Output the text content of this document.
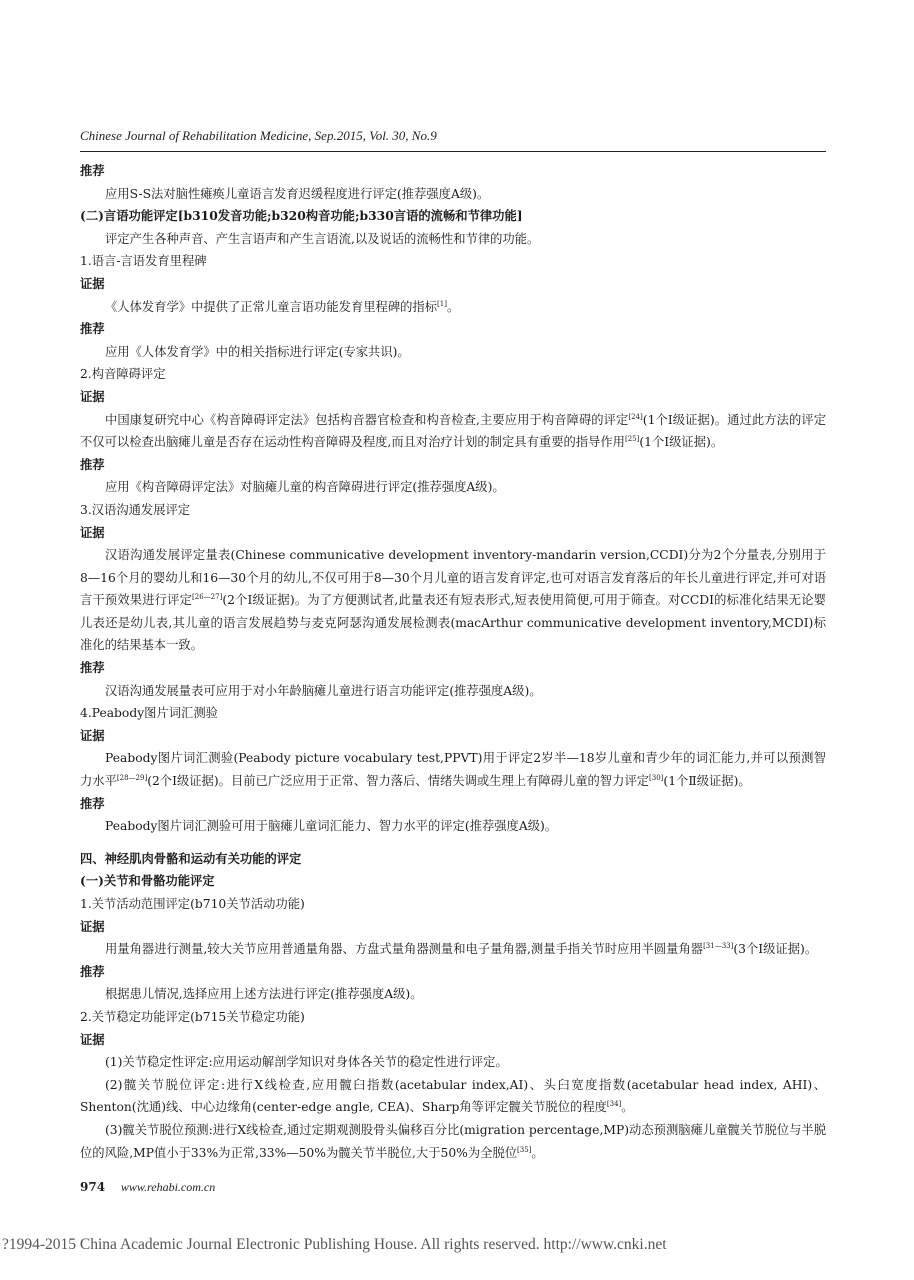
Chinese Journal of Rehabilitation Medicine, Sep.2015, Vol. 30, No.9

推荐

应用S-S法对脑性瘫痪儿童语言发育迟缓程度进行评定(推荐强度A级)。

(二)言语功能评定[b310发音功能;b320构音功能;b330言语的流畅和节律功能]

评定产生各种声音、产生言语声和产生言语流,以及说话的流畅性和节律的功能。

1.语言-言语发育里程碑

证据

《人体发育学》中提供了正常儿童言语功能发育里程碑的指标[1]。

推荐

应用《人体发育学》中的相关指标进行评定(专家共识)。

2.构音障碍评定

证据

中国康复研究中心《构音障碍评定法》包括构音器官检查和构音检查,主要应用于构音障碍的评定[24](1个Ⅰ级证据)。通过此方法的评定不仅可以检查出脑瘫儿童是否存在运动性构音障碍及程度,而且对治疗计划的制定具有重要的指导作用[25](1个Ⅰ级证据)。

推荐

应用《构音障碍评定法》对脑瘫儿童的构音障碍进行评定(推荐强度A级)。

3.汉语沟通发展评定

证据

汉语沟通发展评定量表(Chinese communicative development inventory-mandarin version,CCDI)分为2个分量表,分别用于8—16个月的婴幼儿和16—30个月的幼儿,不仅可用于8—30个月儿童的语言发育评定,也可对语言发育落后的年长儿童进行评定,并可对语言干预效果进行评定[26—27](2个Ⅰ级证据)。为了方便测试者,此量表还有短表形式,短表使用简便,可用于筛查。对CCDI的标准化结果无论婴儿表还是幼儿表,其儿童的语言发展趋势与麦克阿瑟沟通发展检测表(macArthur communicative development inventory,MCDI)标准化的结果基本一致。

推荐

汉语沟通发展量表可应用于对小年龄脑瘫儿童进行语言功能评定(推荐强度A级)。

4.Peabody图片词汇测验

证据

Peabody图片词汇测验(Peabody picture vocabulary test,PPVT)用于评定2岁半—18岁儿童和青少年的词汇能力,并可以预测智力水平[28—29](2个Ⅰ级证据)。目前已广泛应用于正常、智力落后、情绪失调或生理上有障碍儿童的智力评定[30](1个Ⅱ级证据)。

推荐

Peabody图片词汇测验可用于脑瘫儿童词汇能力、智力水平的评定(推荐强度A级)。

四、神经肌肉骨骼和运动有关功能的评定

(一)关节和骨骼功能评定

1.关节活动范围评定(b710关节活动功能)

证据

用量角器进行测量,较大关节应用普通量角器、方盘式量角器测量和电子量角器,测量手指关节时应用半圆量角器[31—33](3个Ⅰ级证据)。

推荐

根据患儿情况,选择应用上述方法进行评定(推荐强度A级)。

2.关节稳定功能评定(b715关节稳定功能)

证据

(1)关节稳定性评定:应用运动解剖学知识对身体各关节的稳定性进行评定。

(2)髋关节脱位评定:进行X线检查,应用髋臼指数(acetabular index,AI)、头臼宽度指数(acetabular head index, AHI)、Shenton(沈通)线、中心边缘角(center-edge angle, CEA)、Sharp角等评定髋关节脱位的程度[34]。

(3)髋关节脱位预测:进行X线检查,通过定期观测股骨头偏移百分比(migration percentage,MP)动态预测脑瘫儿童髋关节脱位与半脱位的风险,MP值小于33%为正常,33%—50%为髋关节半脱位,大于50%为全脱位[35]。

974 www.rehabi.com.cn
?1994-2015 China Academic Journal Electronic Publishing House. All rights reserved. http://www.cnki.net
